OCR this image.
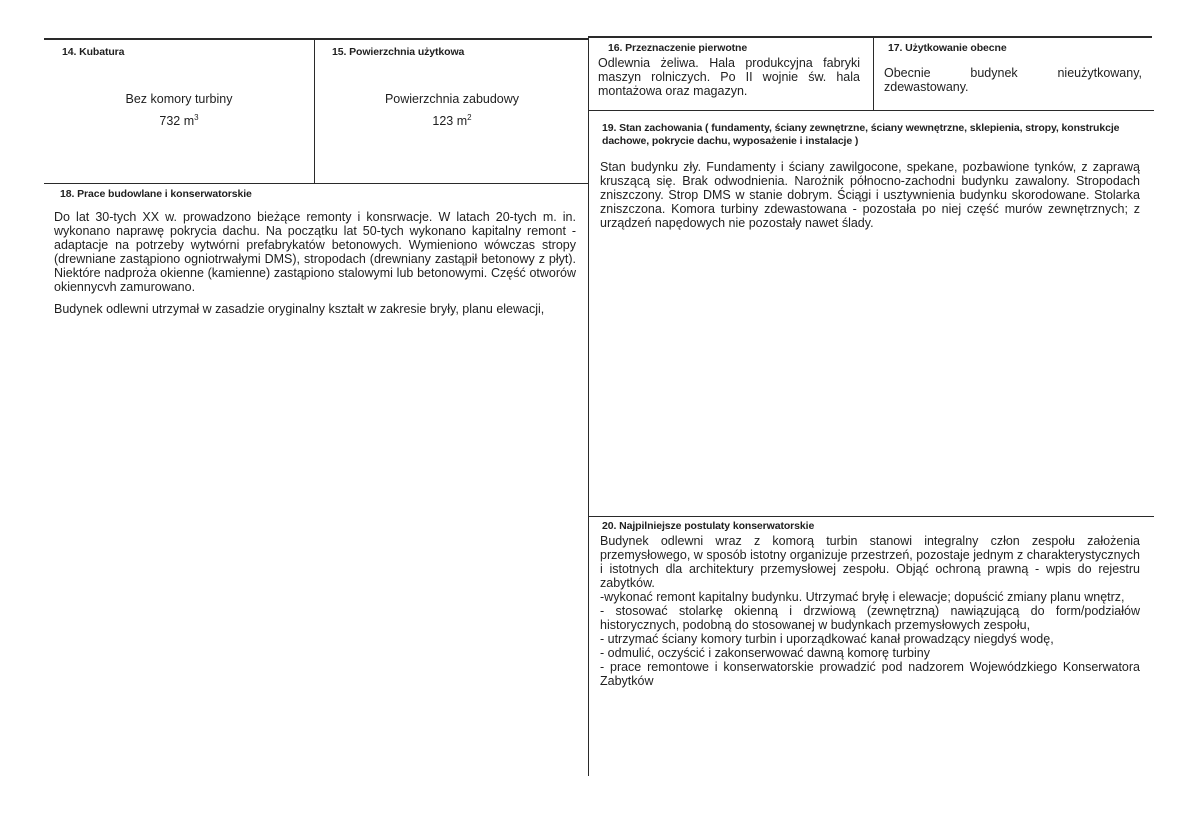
14. Kubatura
Bez komory turbiny
732 $m^3$
15. Powierzchnia użytkowa
Powierzchnia zabudowy
123 $m^2$
16. Przeznaczenie pierwotne
Odlewnia żeliwa. Hala produkcyjna fabryki maszyn rolniczych. Po II wojnie św. hala montażowa oraz magazyn.
17. Użytkowanie obecne
Obecnie budynek nieużytkowany, zdewastowany.
18. Prace budowlane i konserwatorskie

Do lat 30-tych XX w. prowadzono bieżące remonty i konsrwacje. W latach 20-tych m. in. wykonano naprawę pokrycia dachu. Na początku lat 50-tych wykonano kapitalny remont - adaptacje na potrzeby wytwórni prefabrykatów betonowych. Wymieniono wówczas stropy (drewniane zastąpiono ogniotrwałymi DMS), stropodach (drewniany zastąpił betonowy z płyt). Niektóre nadproża okienne (kamienne) zastąpiono stalowymi lub betonowymi. Część otworów okiennycvh zamurowano.

Budynek odlewni utrzymał w zasadzie oryginalny kształt w zakresie bryły, planu elewacji,

19. Stan zachowania ( fundamenty, ściany zewnętrzne, ściany wewnętrzne, sklepienia, stropy, konstrukcje dachowe, pokrycie dachu, wyposażenie i instalacje )
Stan budynku zły. Fundamenty i ściany zawilgocone, spekane, pozbawione tynków, z zaprawą kruszącą się. Brak odwodnienia. Narożnik północno-zachodni budynku zawalony. Stropodach zniszczony. Strop DMS w stanie dobrym. Ściągi i usztywnienia budynku skorodowane. Stolarka zniszczona. Komora turbiny zdewastowana - pozostała po niej część murów zewnętrznych; z urządzeń napędowych nie pozostały nawet ślady.
20. Najpilniejsze postulaty konserwatorskie

Budynek odlewni wraz z komorą turbin stanowi integralny człon zespołu założenia przemysłowego, w sposób istotny organizuje przestrzeń, pozostaje jednym z charakterystycznych i istotnych dla architektury przemysłowej zespołu. Objąć ochroną prawną - wpis do rejestru zabytków.

-wykonać remont kapitalny budynku. Utrzymać bryłę i elewacje; dopuścić zmiany planu wnętrz,
- stosować stolarkę okienną i drzwiową (zewnętrzną) nawiązującą do form/podziałów historycznych, podobną do stosowanej w budynkach przemysłowych zespołu,
- utrzymać ściany komory turbin i uporządkować kanał prowadzący niegdyś wodę,
- odmulić, oczyścić i zakonserwować dawną komorę turbiny
- prace remontowe i konserwatorskie prowadzić pod nadzorem Wojewódzkiego Konserwatora Zabytków
